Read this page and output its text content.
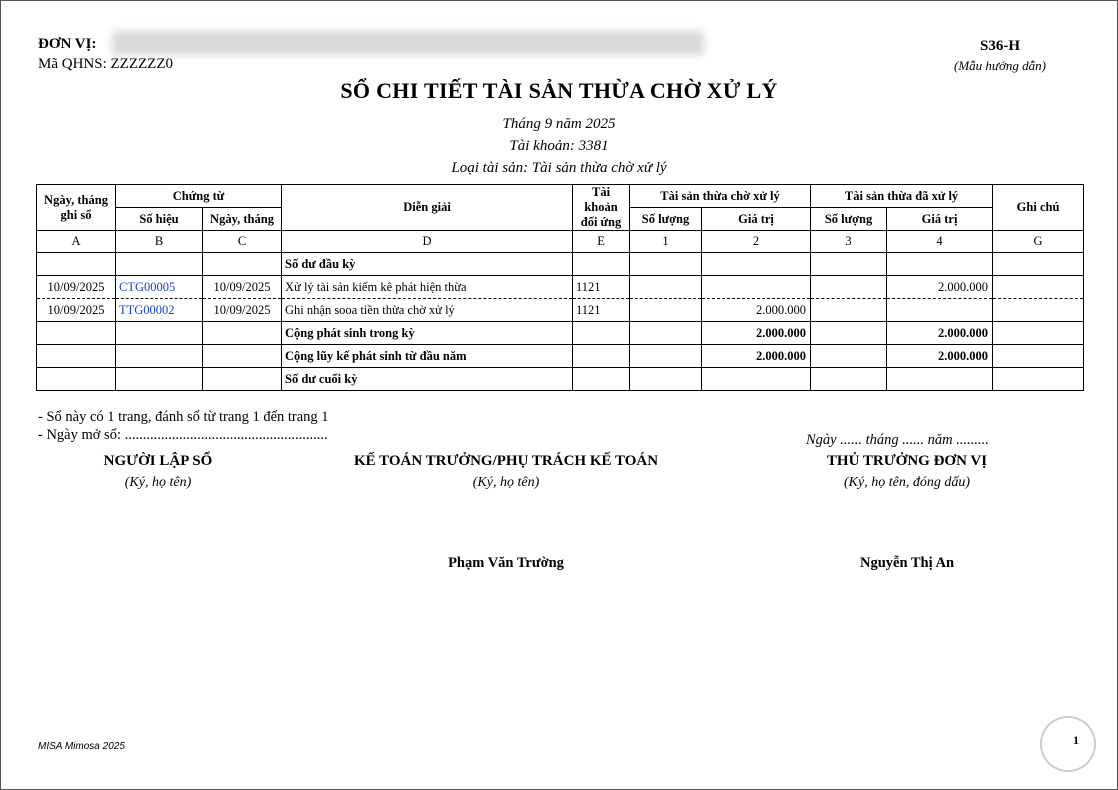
ĐƠN VỊ:
Mã QHNS: ZZZZZZ0
S36-H
(Mẫu hướng dẫn)
SỔ CHI TIẾT TÀI SẢN THỪA CHỜ XỬ LÝ
Tháng 9 năm 2025
Tài khoản: 3381
Loại tài sản: Tài sản thừa chờ xử lý
Ngày, tháng ghi sổ	Chứng từ		Diễn giải	Tài khoản đối ứng	Tài sản thừa chờ xử lý		Tài sản thừa đã xử lý		Ghi chú
	Số hiệu	Ngày, tháng			Số lượng	Giá trị	Số lượng	Giá trị	
A	B	C	D	E	1	2	3	4	G
			Số dư đầu kỳ						
10/09/2025	CTG00005	10/09/2025	Xử lý tài sản kiểm kê phát hiện thừa	1121				2.000.000	
10/09/2025	TTG00002	10/09/2025	Ghi nhận sooa tiền thừa chờ xử lý	1121		2.000.000			
			Cộng phát sinh trong kỳ			2.000.000		2.000.000	
			Cộng lũy kế phát sinh từ đầu năm			2.000.000		2.000.000	
			Số dư cuối kỳ						
- Sổ này có 1 trang, đánh số từ trang 1 đến trang 1
- Ngày mở sổ: ........................................................	Ngày ...... tháng ...... năm .........
NGƯỜI LẬP SỔ
(Ký, họ tên)
KẾ TOÁN TRƯỞNG/PHỤ TRÁCH KẾ TOÁN
(Ký, họ tên)
Phạm Văn Trường
THỦ TRƯỞNG ĐƠN VỊ
(Ký, họ tên, đóng dấu)
Nguyễn Thị An
MISA Mimosa 2025	1
